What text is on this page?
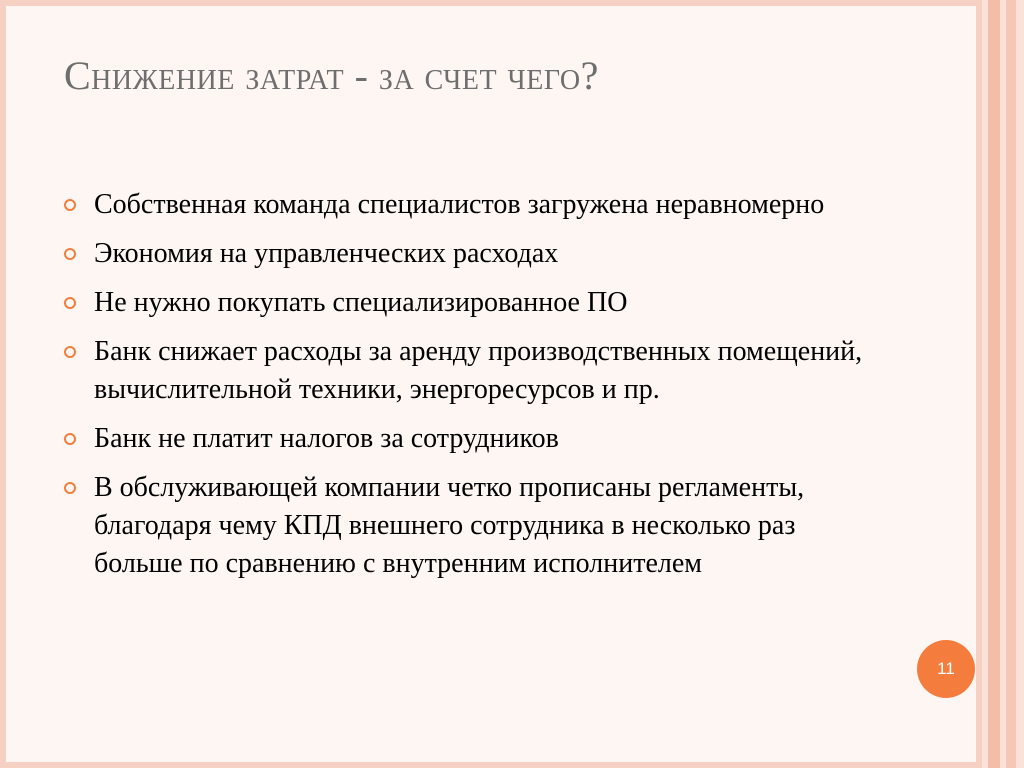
Снижение затрат - за счет чего?
Собственная команда специалистов загружена неравномерно
Экономия на управленческих расходах
Не нужно покупать специализированное ПО
Банк снижает расходы за аренду производственных помещений, вычислительной техники, энергоресурсов и пр.
Банк не платит налогов за сотрудников
В обслуживающей компании четко прописаны регламенты, благодаря чему КПД внешнего сотрудника в несколько раз больше по сравнению с внутренним исполнителем
11
